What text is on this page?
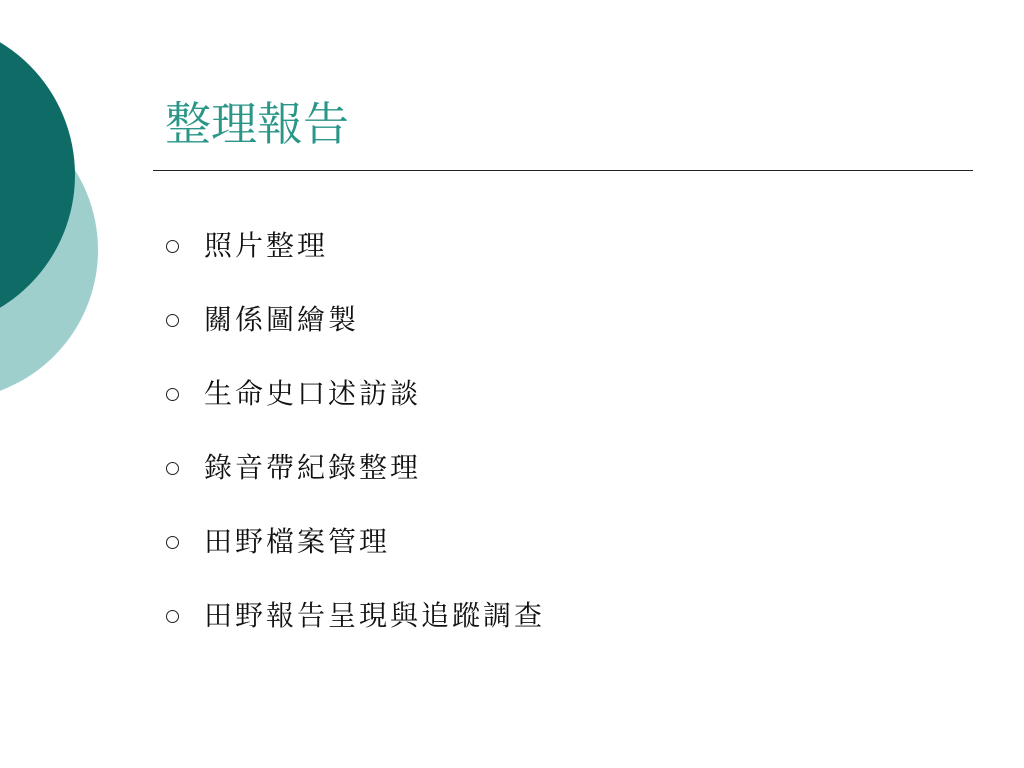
整理報告
照片整理
關係圖繪製
生命史口述訪談
錄音帶紀錄整理
田野檔案管理
田野報告呈現與追蹤調查
